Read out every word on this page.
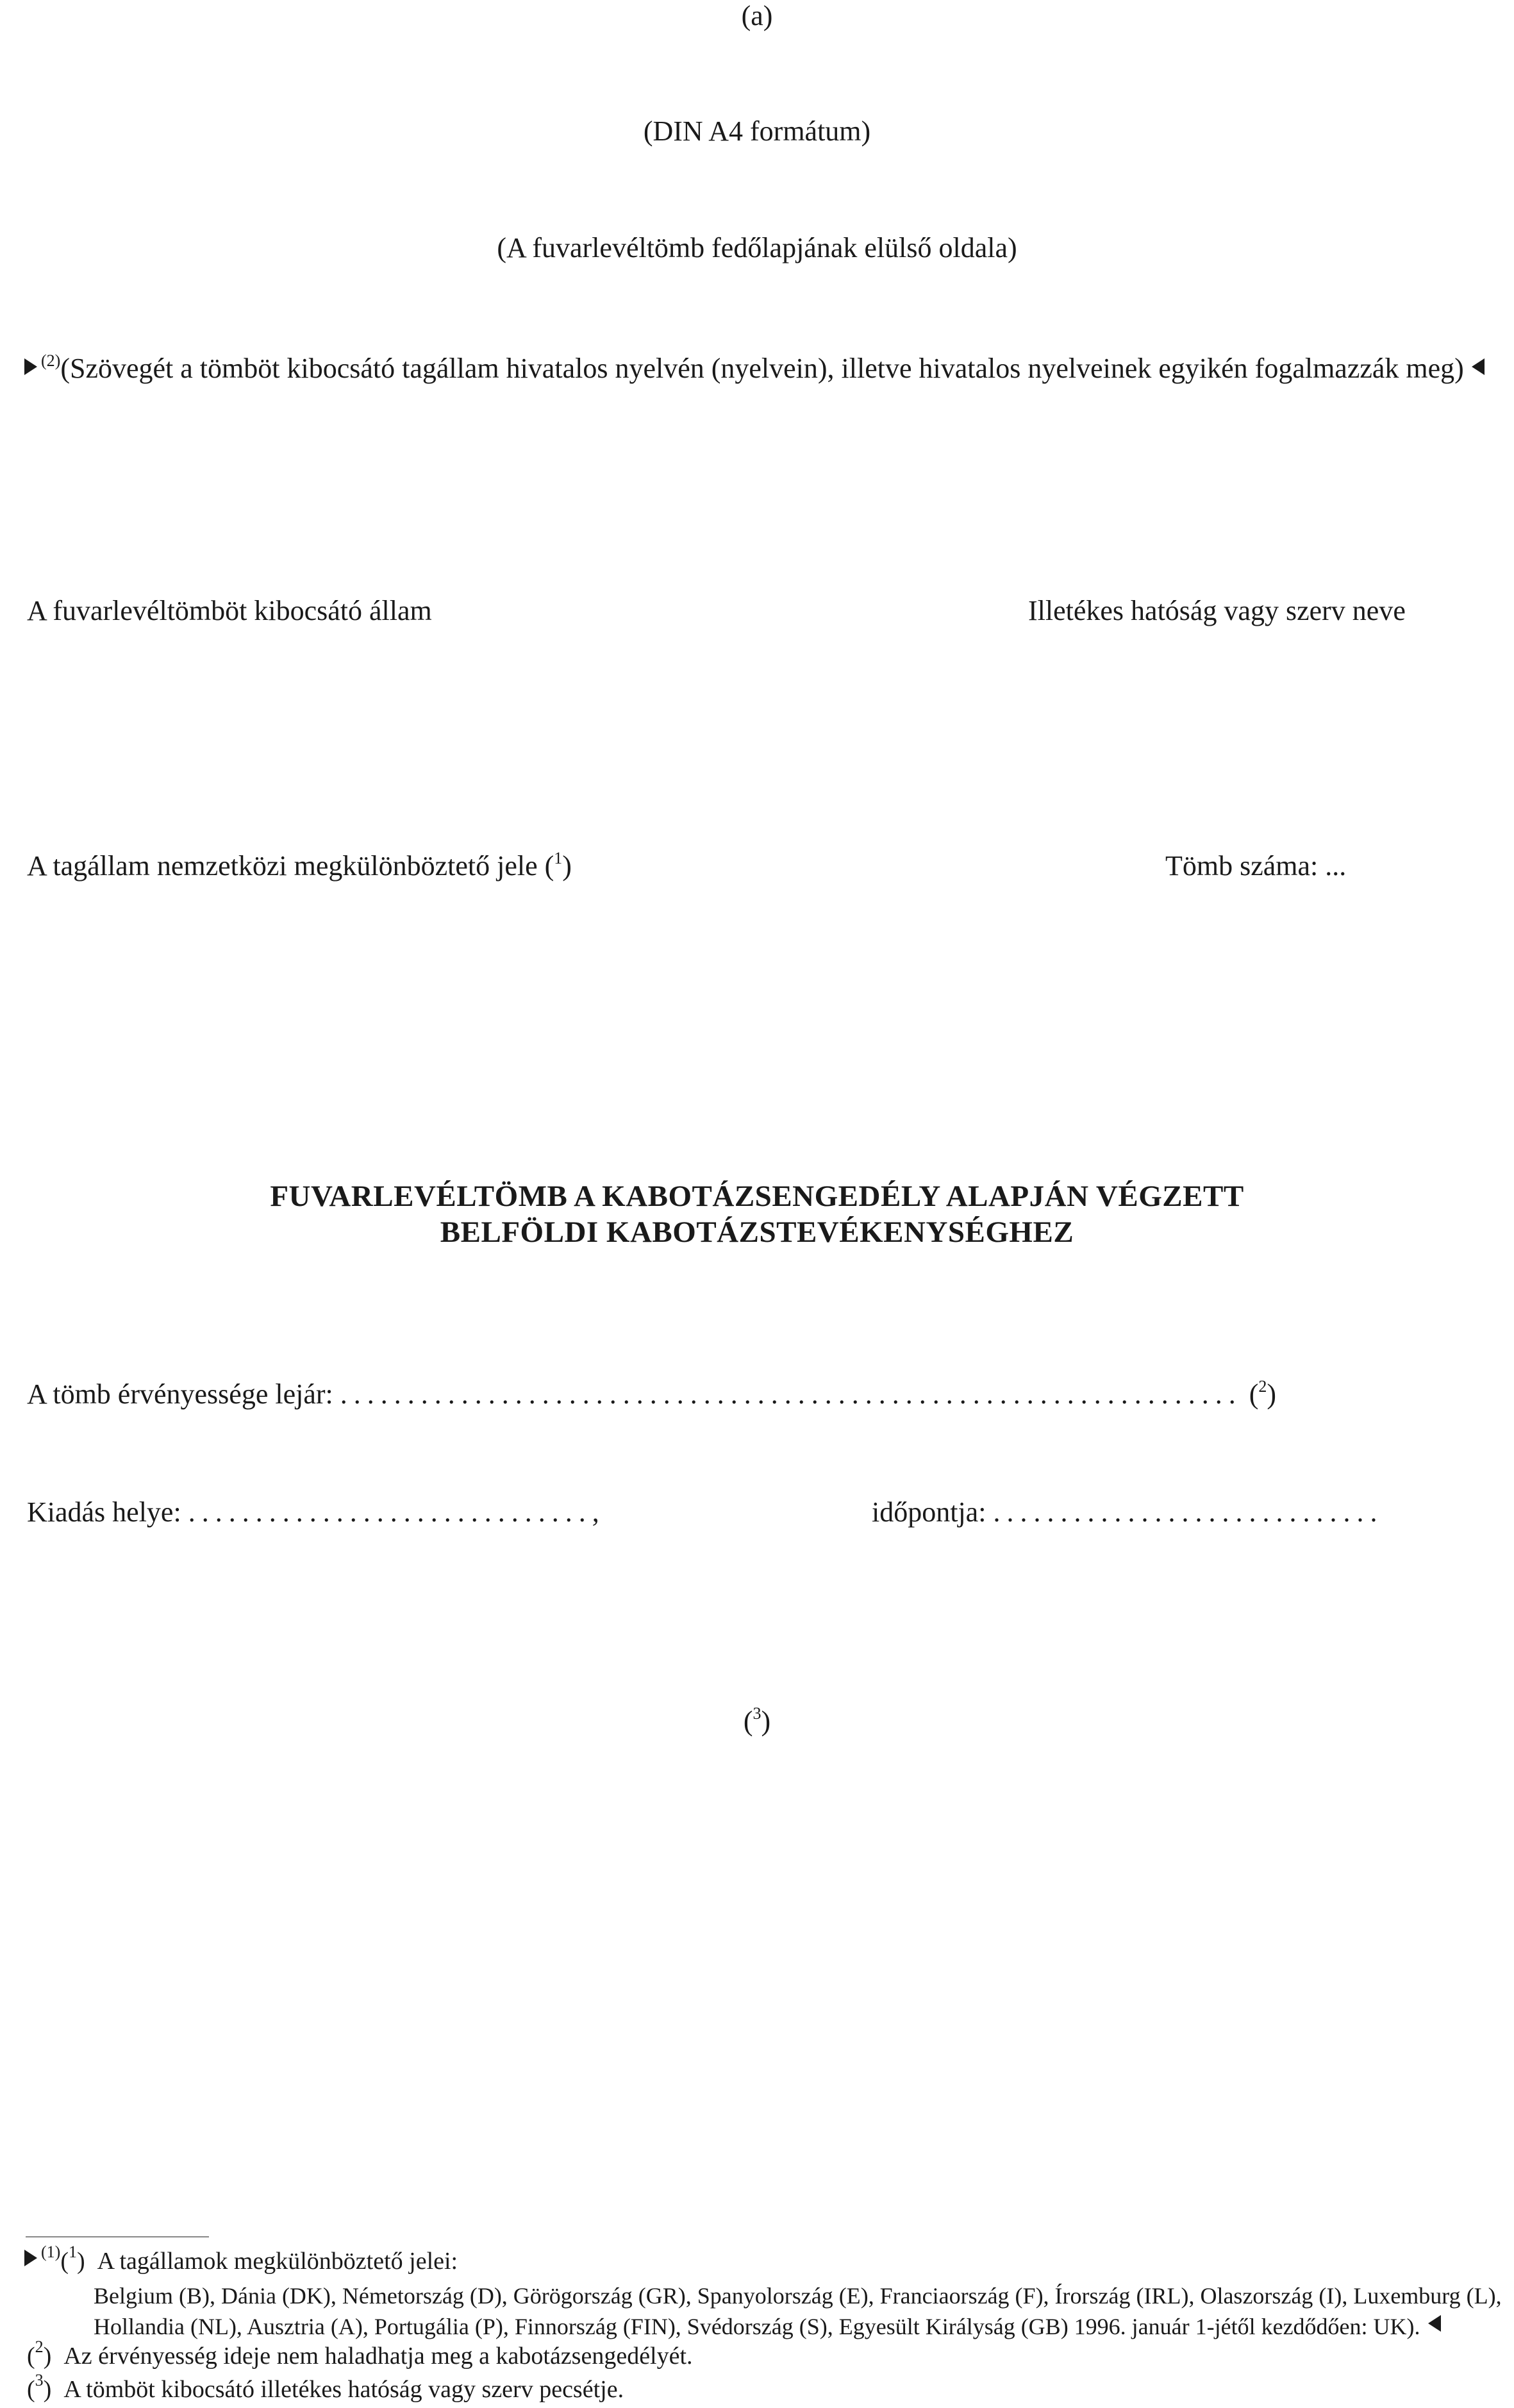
(a)
(DIN A4 formátum)
(A fuvarlevéltömb fedőlapjának elülső oldala)
$^{(2)}$(Szövegét a tömböt kibocsátó tagállam hivatalos nyelvén (nyelvein), illetve hivatalos nyelveinek egyikén fogalmazzák meg)
A fuvarlevéltömböt kibocsátó állam	Illetékes hatóság vagy szerv neve
A tagállam nemzetközi megkülönböztető jele ($^1$)	Tömb száma: ...
FUVARLEVÉLTÖMB A KABOTÁZSENGEDÉLY ALAPJÁN VÉGZETT
BELFÖLDI KABOTÁZSTEVÉKENYSÉGHEZ
A tömb érvényessége lejár: ................................................................... ($^2$)
Kiadás helye: ..............................,	időpontja: .............................
($^3$)
$^{(1)}$($^1$) A tagállamok megkülönböztető jelei:
Belgium (B), Dánia (DK), Németország (D), Görögország (GR), Spanyolország (E), Franciaország (F), Írország (IRL), Olaszország (I), Luxemburg (L),
Hollandia (NL), Ausztria (A), Portugália (P), Finnország (FIN), Svédország (S), Egyesült Királyság (GB) 1996. január 1-jétől kezdődően: UK).
($^2$)  Az érvényesség ideje nem haladhatja meg a kabotázsengedélyét.
($^3$)  A tömböt kibocsátó illetékes hatóság vagy szerv pecsétje.
